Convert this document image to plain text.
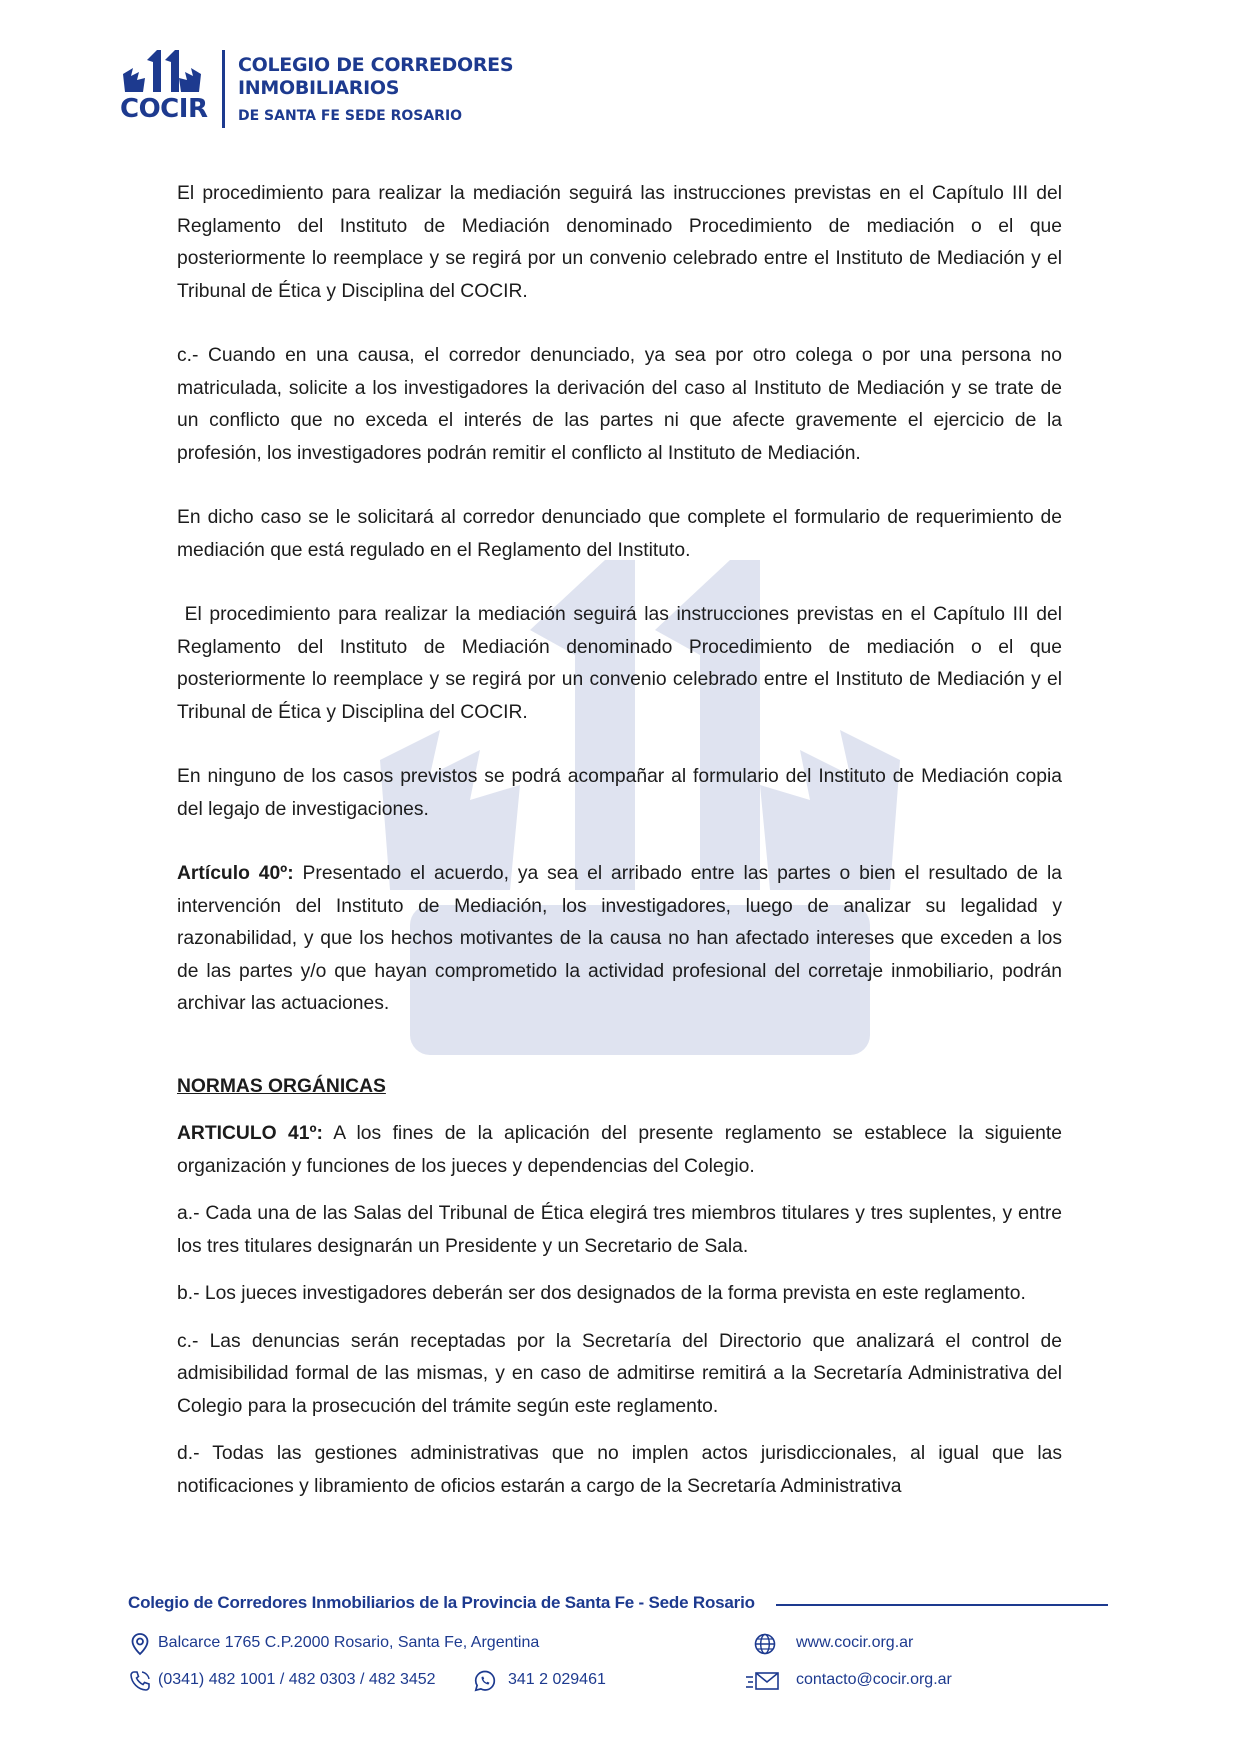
COCIR
COLEGIO DE CORREDORES
INMOBILIARIOS
DE SANTA FE SEDE ROSARIO

El procedimiento para realizar la mediación seguirá las instrucciones previstas en el Capítulo III del Reglamento del Instituto de Mediación denominado Procedimiento de mediación o el que posteriormente lo reemplace y se regirá por un convenio celebrado entre el Instituto de Mediación y el Tribunal de Ética y Disciplina del COCIR.

c.- Cuando en una causa, el corredor denunciado, ya sea por otro colega o por una persona no matriculada, solicite a los investigadores la derivación del caso al Instituto de Mediación y se trate de un conflicto que no exceda el interés de las partes ni que afecte gravemente el ejercicio de la profesión, los investigadores podrán remitir el conflicto al Instituto de Mediación.

En dicho caso se le solicitará al corredor denunciado que complete el formulario de requerimiento de mediación que está regulado en el Reglamento del Instituto.

El procedimiento para realizar la mediación seguirá las instrucciones previstas en el Capítulo III del Reglamento del Instituto de Mediación denominado Procedimiento de mediación o el que posteriormente lo reemplace y se regirá por un convenio celebrado entre el Instituto de Mediación y el Tribunal de Ética y Disciplina del COCIR.

En ninguno de los casos previstos se podrá acompañar al formulario del Instituto de Mediación copia del legajo de investigaciones.

Artículo 40º: Presentado el acuerdo, ya sea el arribado entre las partes o bien el resultado de la intervención del Instituto de Mediación, los investigadores, luego de analizar su legalidad y razonabilidad, y que los hechos motivantes de la causa no han afectado intereses que exceden a los de las partes y/o que hayan comprometido la actividad profesional del corretaje inmobiliario, podrán archivar las actuaciones.

NORMAS ORGÁNICAS

ARTICULO 41º: A los fines de la aplicación del presente reglamento se establece la siguiente organización y funciones de los jueces y dependencias del Colegio.

a.- Cada una de las Salas del Tribunal de Ética elegirá tres miembros titulares y tres suplentes, y entre los tres titulares designarán un Presidente y un Secretario de Sala.

b.- Los jueces investigadores deberán ser dos designados de la forma prevista en este reglamento.

c.- Las denuncias serán receptadas por la Secretaría del Directorio que analizará el control de admisibilidad formal de las mismas, y en caso de admitirse remitirá a la Secretaría Administrativa del Colegio para la prosecución del trámite según este reglamento.

d.- Todas las gestiones administrativas que no implen actos jurisdiccionales, al igual que las notificaciones y libramiento de oficios estarán a cargo de la Secretaría Administrativa

Colegio de Corredores Inmobiliarios de la Provincia de Santa Fe - Sede Rosario
Balcarce 1765 C.P.2000 Rosario, Santa Fe, Argentina
(0341) 482 1001 / 482 0303 / 482 3452	341 2 029461
www.cocir.org.ar
contacto@cocir.org.ar
